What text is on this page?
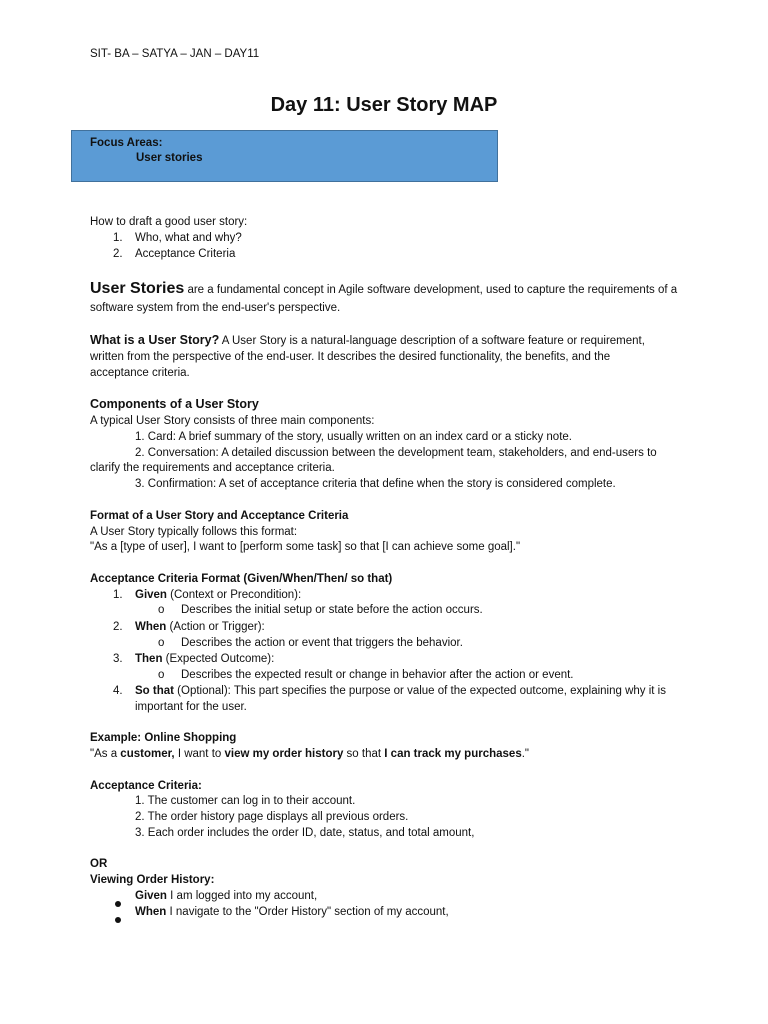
SIT- BA – SATYA – JAN – DAY11
Day 11: User Story MAP
Focus Areas:
User stories
How to draft a good user story:
1. Who, what and why?
2. Acceptance Criteria
User Stories are a fundamental concept in Agile software development, used to capture the requirements of a
software system from the end-user's perspective.
What is a User Story? A User Story is a natural-language description of a software feature or requirement,
written from the perspective of the end-user. It describes the desired functionality, the benefits, and the
acceptance criteria.
Components of a User Story
A typical User Story consists of three main components:
1. Card: A brief summary of the story, usually written on an index card or a sticky note.
2. Conversation: A detailed discussion between the development team, stakeholders, and end-users to
clarify the requirements and acceptance criteria.
3. Confirmation: A set of acceptance criteria that define when the story is considered complete.
Format of a User Story and Acceptance Criteria
A User Story typically follows this format:
"As a [type of user], I want to [perform some task] so that [I can achieve some goal]."
Acceptance Criteria Format (Given/When/Then/ so that)
1. Given (Context or Precondition):
o Describes the initial setup or state before the action occurs.
2. When (Action or Trigger):
o Describes the action or event that triggers the behavior.
3. Then (Expected Outcome):
o Describes the expected result or change in behavior after the action or event.
4. So that (Optional): This part specifies the purpose or value of the expected outcome, explaining why it is
important for the user.
Example: Online Shopping
"As a customer, I want to view my order history so that I can track my purchases."
Acceptance Criteria:
1. The customer can log in to their account.
2. The order history page displays all previous orders.
3. Each order includes the order ID, date, status, and total amount,
OR
Viewing Order History:
Given I am logged into my account,
When I navigate to the "Order History" section of my account,
